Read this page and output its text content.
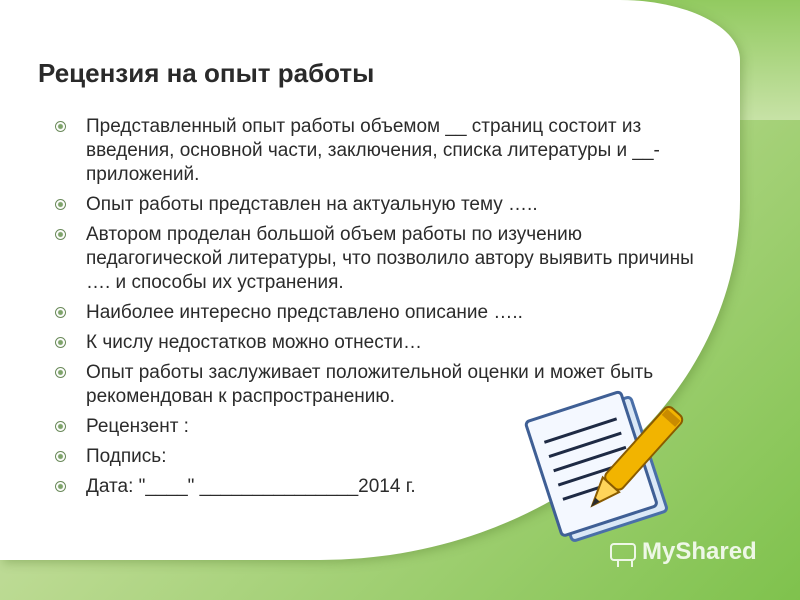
Рецензия на опыт работы
Представленный опыт работы объемом __ страниц состоит из введения, основной части, заключения, списка литературы и __- приложений.
Опыт работы представлен на актуальную тему …..
Автором проделан большой объем работы по изучению педагогической литературы, что позволило автору выявить причины …. и способы их устранения.
Наиболее интересно представлено описание …..
К числу недостатков можно отнести…
Опыт работы заслуживает положительной оценки и может быть рекомендован к распространению.
Рецензент :
Подпись:
Дата: "____" _______________2014 г.
MyShared
